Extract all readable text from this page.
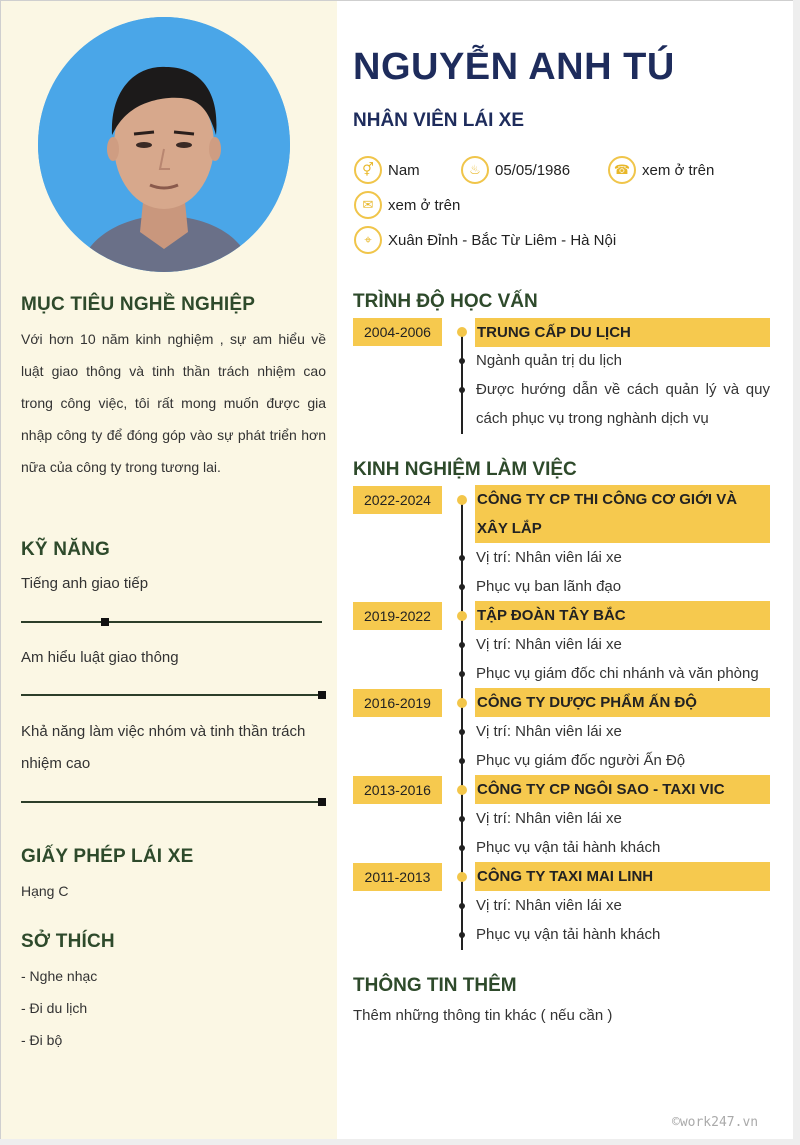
MỤC TIÊU NGHỀ NGHIỆP
Với hơn 10 năm kinh nghiệm , sự am hiểu về luật giao thông và tinh thần trách nhiệm cao trong công việc, tôi rất mong muốn được gia nhập công ty để đóng góp vào sự phát triển hơn nữa của công ty trong tương lai.
KỸ NĂNG
Tiếng anh giao tiếp
Am hiểu luật giao thông
Khả năng làm việc nhóm và tinh thần trách nhiệm cao
GIẤY PHÉP LÁI XE
Hạng C
SỞ THÍCH
- Nghe nhạc
- Đi du lịch
- Đi bộ
NGUYỄN ANH TÚ
NHÂN VIÊN LÁI XE
⚥ Nam	♨ 05/05/1986	☎ xem ở trên
✉ xem ở trên
⌖	Xuân Đỉnh - Bắc Từ Liêm - Hà Nội
TRÌNH ĐỘ HỌC VẤN
2004-2006	TRUNG CẤP DU LỊCH
Ngành quản trị du lịch
Được hướng dẫn về cách quản lý và quy cách phục vụ trong nghành dịch vụ
KINH NGHIỆM LÀM VIỆC
2022-2024	CÔNG TY CP THI CÔNG CƠ GIỚI VÀ XÂY LẮP
Vị trí: Nhân viên lái xe
Phục vụ ban lãnh đạo
2019-2022	TẬP ĐOÀN TÂY BẮC
Vị trí: Nhân viên lái xe
Phục vụ giám đốc chi nhánh và văn phòng
2016-2019	CÔNG TY DƯỢC PHẨM ẤN ĐỘ
Vị trí: Nhân viên lái xe
Phục vụ giám đốc người Ấn Độ
2013-2016	CÔNG TY CP NGÔI SAO - TAXI VIC
Vị trí: Nhân viên lái xe
Phục vụ vận tải hành khách
2011-2013	CÔNG TY TAXI MAI LINH
Vị trí: Nhân viên lái xe
Phục vụ vận tải hành khách
THÔNG TIN THÊM
Thêm những thông tin khác ( nếu cần )
©work247.vn
